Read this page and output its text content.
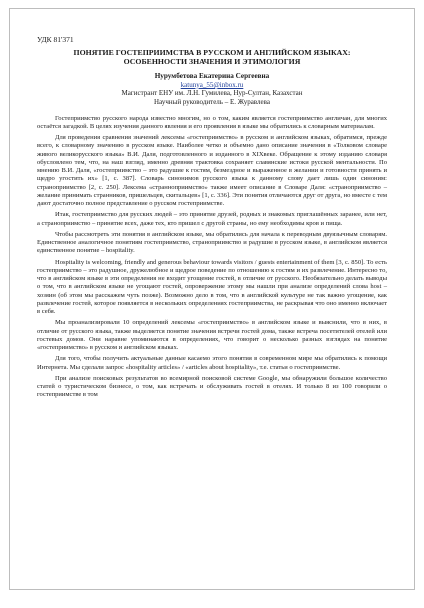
УДК 81'371
ПОНЯТИЕ ГОСТЕПРИИМСТВА В РУССКОМ И АНГЛИЙСКОМ ЯЗЫКАХ:
ОСОБЕННОСТИ ЗНАЧЕНИЯ И ЭТИМОЛОГИЯ
Нурумбетова Екатерина Сергеевна
katunya_55@inbox.ru
Магистрант ЕНУ им. Л.Н. Гумилева, Нур-Султан, Казахстан
Научный руководитель – Е. Журавлева

Гостеприимство русского народа известно многим, но о том, каким является гостеприимство англичан, для многих остаётся загадкой. В целях изучения данного явления и его проявления в языке мы обратились к словарным материалам.

Для проведения сравнения значений лексемы «гостеприимство» в русском и английском языках, обратимся, прежде всего, к словарному значению в русском языке. Наиболее четко и объемно дано описание значения в «Толковом словаре живого великорусского языка» В.И. Даля, подготовленного и изданного в XIXвеке. Обращение к этому изданию словаря обусловлено тем, что, на наш взгляд, именно древняя трактовка сохраняет славянские истоки русской ментальности. По мнению В.И. Даля, «гостеприимство – это радушие к гостям, безмездное и выраженное в желании и готовности принять и щедро угостить их» [1, с. 387]. Словарь синонимов русского языка к данному слову дает лишь один синоним: страноприимство [2, с. 250]. Лексема «странноприимство» также имеет описание в Словаре Даля: «страноприимство – желание принимать странников, пришельцев, скитальцев» [1, с. 336]. Эти понятия отличаются друг от друга, но вместе с тем дают достаточно полное представление о русском гостеприимстве.

Итак, гостеприимство для русских людей – это принятие друзей, родных и знакомых приглашённых заранее, или нет, а страноприимство – принятие всех, даже тех, кто пришел с другой страны, но ему необходимы кров и пища.

Чтобы рассмотреть эти понятия в английском языке, мы обратились для начала к переводным двуязычным словарям. Единственное аналогичное понятиям гостеприимство, страноприимство и радушие в русском языке, в английском является единственное понятие – hospitality.

Hospitality is welcoming, friendly and generous behaviour towards visitors / guests entertainment of them [3, c. 850]. То есть гостеприимство – это радушное, дружелюбное и щедрое поведение по отношению к гостям и их развлечение. Интересно то, что в английском языке в эти определения не входит угощение гостей, в отличие от русского. Необязательно делать выводы о том, что в английском языке не угощают гостей, опровержение этому мы нашли при анализе определений слова host – хозяин (об этом мы расскажем чуть позже). Возможно дело в том, что в английской культуре не так важно угощение, как развлечение гостей, которое появляется в нескольких определениях гостеприимства, не раскрывая что оно именно включает в себя.

Мы проанализировали 10 определений лексемы «гостеприимство» в английском языке и выяснили, что в них, в отличие от русского языка, также выделяется понятие значения встречи гостей дома, также встреча посетителей отелей или гостевых домов. Они наравне упоминаются в определениях, что говорит о несколько разных взглядах на понятие «гостеприимство» в русском и английском языках.

Для того, чтобы получить актуальные данные касаемо этого понятия в современном мире мы обратились к помощи Интернета. Мы сделали запрос «hospitality articles» / «articles about hospitality», т.е. статьи о гостеприимстве.

При анализе поисковых результатов во всемирной поисковой системе Google, мы обнаружили большое количество статей о туристическом бизнесе, о том, как встречать и обслуживать гостей в отелях. И только 8 из 100 говорили о гостеприимстве в том
